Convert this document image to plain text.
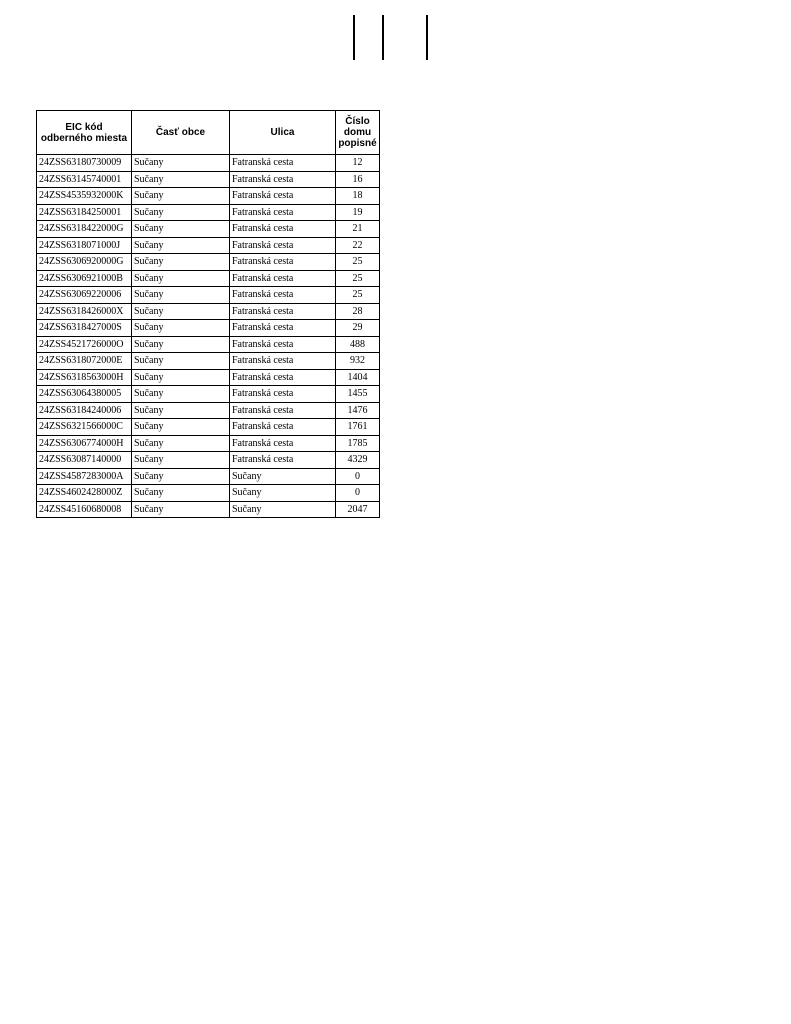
EIC kód odberného miesta	Časť obce	Ulica	Číslo domu popisné
24ZSS63180730009	Sučany	Fatranská cesta	12
24ZSS63145740001	Sučany	Fatranská cesta	16
24ZSS4535932000K	Sučany	Fatranská cesta	18
24ZSS63184250001	Sučany	Fatranská cesta	19
24ZSS6318422000G	Sučany	Fatranská cesta	21
24ZSS6318071000J	Sučany	Fatranská cesta	22
24ZSS6306920000G	Sučany	Fatranská cesta	25
24ZSS6306921000B	Sučany	Fatranská cesta	25
24ZSS63069220006	Sučany	Fatranská cesta	25
24ZSS6318426000X	Sučany	Fatranská cesta	28
24ZSS6318427000S	Sučany	Fatranská cesta	29
24ZSS4521726000O	Sučany	Fatranská cesta	488
24ZSS6318072000E	Sučany	Fatranská cesta	932
24ZSS6318563000H	Sučany	Fatranská cesta	1404
24ZSS63064380005	Sučany	Fatranská cesta	1455
24ZSS63184240006	Sučany	Fatranská cesta	1476
24ZSS6321566000C	Sučany	Fatranská cesta	1761
24ZSS6306774000H	Sučany	Fatranská cesta	1785
24ZSS63087140000	Sučany	Fatranská cesta	4329
24ZSS4587283000A	Sučany	Sučany	0
24ZSS4602428000Z	Sučany	Sučany	0
24ZSS45160680008	Sučany	Sučany	2047
